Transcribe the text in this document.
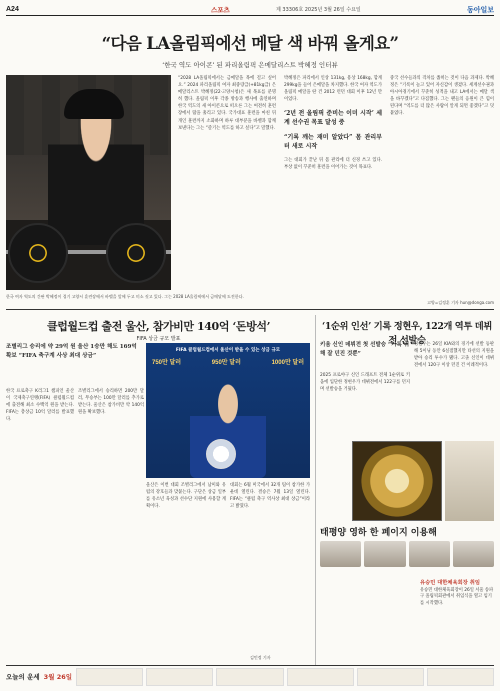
A24	스포츠	제 33306호 2025년 3월 26일 수요일	동아일보
“다음 LA올림픽에선 메달 색 바꿔 올게요”
‘한국 역도 아이콘’ 된 파리올림픽 은메달리스트 박혜정 인터뷰
“2028 LA올림픽에서는 금메달을 목에 걸고 싶어요.” 2024 파리올림픽 여자 최중량급(+81kg급) 은메달리스트 박혜정(22·고양시청)은 새 목표를 분명히 했다. 올림픽 이후 각종 방송과 행사에 출연하며 한국 역도의 새 아이콘으로 떠오른 그는 여전히 훈련장에서 땀을 흘리고 있다. 국가대표 훈련을 마친 뒤 개인 훈련까지 소화하며 하루 대부분을 바벨과 함께 보낸다는 그는 “즐기는 역도를 하고 싶다”고 말했다.

박혜정은 파리에서 인상 131kg, 용상 168kg, 합계 299kg을 들어 은메달을 차지했다. 한국 여자 역도가 올림픽 메달을 딴 건 2012 런던 대회 이후 12년 만이었다.

‘2년 전 올림픽 준비는 이미 시작’ 세계 선수권 목표 달성 중

“기록 깨는 재미 알았다” 몸 관리부터 새로 시작

그는 대회가 끝난 뒤 몸 관리에 더 신경 쓰고 있다. 부상 없이 꾸준히 훈련을 이어가는 것이 목표다.

중국 선수들과의 격차를 좁히는 것이 다음 과제다. 박혜정은 “기록이 늘고 있어 자신감이 생겼다. 세계선수권과 아시아경기에서 꾸준히 성적을 내고 LA에서는 메달 색을 바꾸겠다”고 다짐했다. 그는 팬들의 응원이 큰 힘이 된다며 “역도를 더 많은 사람이 알게 되면 좋겠다”고 덧붙였다.
한국 여자 역도의 간판 박혜정이 경기 고양시 훈련장에서 바벨을 앞에 두고 미소 짓고 있다. 그는 2028 LA올림픽에서 금메달에 도전한다.
고양=김정훈 기자 hun@donga.com
클럽월드컵 출전 울산, 참가비만 140억 ‘돈방석’
FIFA 상금 규모 발표
조별리그 승리에 약 29억 원 울산 1승만 해도 169억 확보 “FIFA 축구계 사상 최대 상금”
FIFA 클럽월드컵에서 울산이 받을 수 있는 상금 규모
750만 달러	950만 달러	1000만 달러
한국 프로축구 K리그1 챔피언 울산이 국제축구연맹(FIFA) 클럽월드컵에 출전해 최소 수백억 원을 받는다. FIFA는 총상금 10억 달러를 발표했다.
조별리그에서 승리하면 200만 달러, 무승부는 100만 달러를 추가로 받는다. 울산은 참가비만 약 140억 원을 확보했다.
울산은 이번 대회 조별리그에서 남미와 유럽의 강호들과 맞붙는다. 구단은 상금 일부를 유소년 육성과 선수단 지원에 사용할 계획이다.
대회는 6월 미국에서 32개 팀이 참가한 가운데 열린다. 결승은 7월 13일 열린다. FIFA는 “클럽 축구 역사상 최대 상금”이라고 밝혔다.
김민정 기자
‘1순위 인선’ 기록 정현우, 122개 역투 데뷔전 선발승
키움 신인 데뷔전 첫 선발승 “기록 위해 잘 던진 것뿐”
2025 프로야구 신인 드래프트 전체 1순위로 키움에 입단한 정현우가 데뷔전에서 122구를 던지며 선발승을 거뒀다.
정현우는 26일 KIA와의 경기에 선발 등판해 5이닝 동안 6실점했지만 타선의 지원을 받아 승리 투수가 됐다. 고졸 신인이 데뷔전에서 120구 이상 던진 건 이례적이다.
태평양 영하 한 페이지 이용해
유승민 대한체육회장 취임
유승민 대한체육회장이 26일 서울 송파구 올림픽회관에서 취임식을 열고 임기를 시작했다.
오늘의 운세 3월 26일
